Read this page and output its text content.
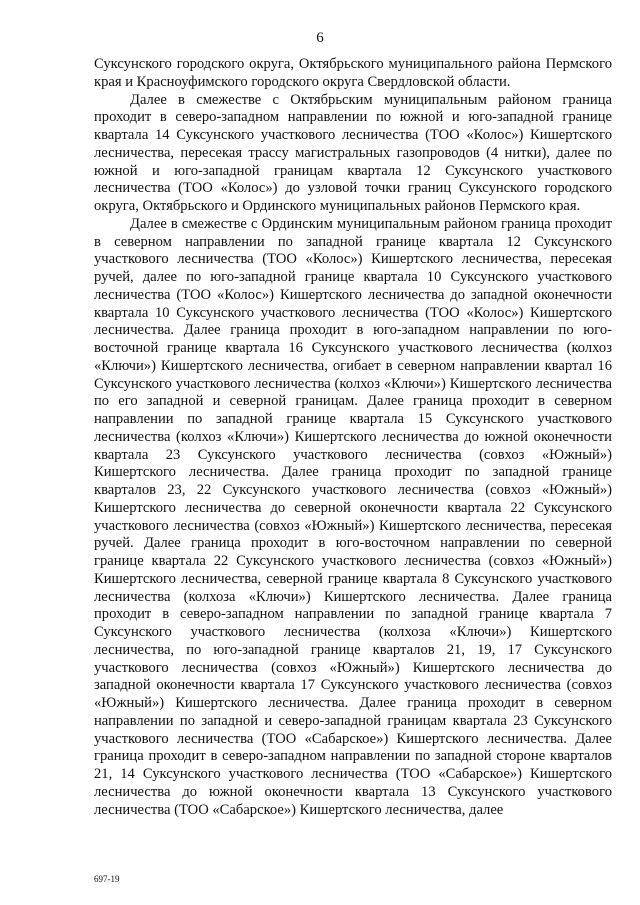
6

Суксунского городского округа, Октябрьского муниципального района Пермского края и Красноуфимского городского округа Свердловской области.

Далее в смежестве с Октябрьским муниципальным районом граница проходит в северо-западном направлении по южной и юго-западной границе квартала 14 Суксунского участкового лесничества (ТОО «Колос») Кишертского лесничества, пересекая трассу магистральных газопроводов (4 нитки), далее по южной и юго-западной границам квартала 12 Суксунского участкового лесничества (ТОО «Колос») до узловой точки границ Суксунского городского округа, Октябрьского и Ординского муниципальных районов Пермского края.

Далее в смежестве с Ординским муниципальным районом граница проходит в северном направлении по западной границе квартала 12 Суксунского участкового лесничества (ТОО «Колос») Кишертского лесничества, пересекая ручей, далее по юго-западной границе квартала 10 Суксунского участкового лесничества (ТОО «Колос») Кишертского лесничества до западной оконечности квартала 10 Суксунского участкового лесничества (ТОО «Колос») Кишертского лесничества. Далее граница проходит в юго-западном направлении по юго-восточной границе квартала 16 Суксунского участкового лесничества (колхоз «Ключи») Кишертского лесничества, огибает в северном направлении квартал 16 Суксунского участкового лесничества (колхоз «Ключи») Кишертского лесничества по его западной и северной границам. Далее граница проходит в северном направлении по западной границе квартала 15 Суксунского участкового лесничества (колхоз «Ключи») Кишертского лесничества до южной оконечности квартала 23 Суксунского участкового лесничества (совхоз «Южный») Кишертского лесничества. Далее граница проходит по западной границе кварталов 23, 22 Суксунского участкового лесничества (совхоз «Южный») Кишертского лесничества до северной оконечности квартала 22 Суксунского участкового лесничества (совхоз «Южный») Кишертского лесничества, пересекая ручей. Далее граница проходит в юго-восточном направлении по северной границе квартала 22 Суксунского участкового лесничества (совхоз «Южный») Кишертского лесничества, северной границе квартала 8 Суксунского участкового лесничества (колхоза «Ключи») Кишертского лесничества. Далее граница проходит в северо-западном направлении по западной границе квартала 7 Суксунского участкового лесничества (колхоза «Ключи») Кишертского лесничества, по юго-западной границе кварталов 21, 19, 17 Суксунского участкового лесничества (совхоз «Южный») Кишертского лесничества до западной оконечности квартала 17 Суксунского участкового лесничества (совхоз «Южный») Кишертского лесничества. Далее граница проходит в северном направлении по западной и северо-западной границам квартала 23 Суксунского участкового лесничества (ТОО «Сабарское») Кишертского лесничества. Далее граница проходит в северо-западном направлении по западной стороне кварталов 21, 14 Суксунского участкового лесничества (ТОО «Сабарское») Кишертского лесничества до южной оконечности квартала 13 Суксунского участкового лесничества (ТОО «Сабарское») Кишертского лесничества, далее

697-19
